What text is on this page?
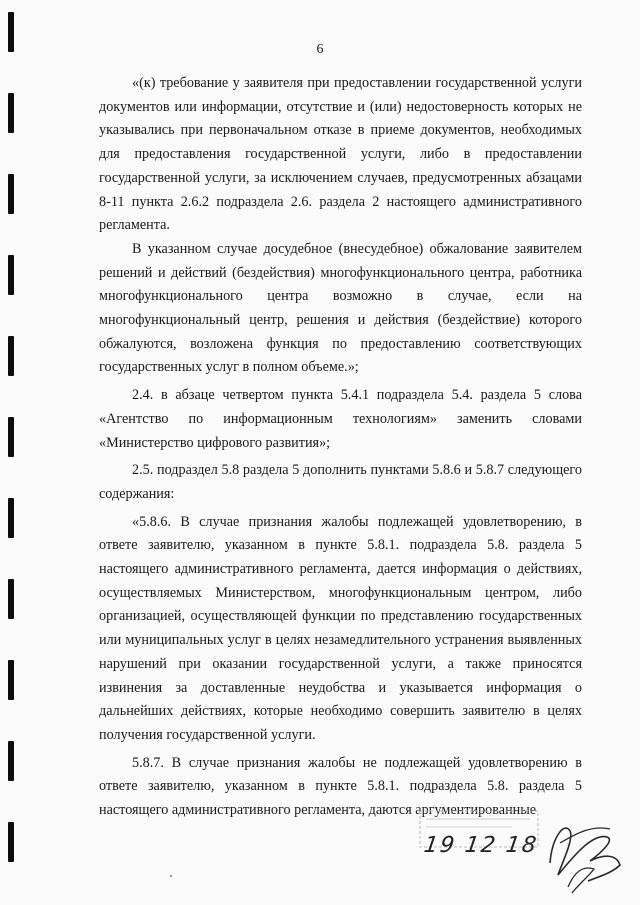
6

«(к) требование у заявителя при предоставлении государственной услуги документов или информации, отсутствие и (или) недостоверность которых не указывались при первоначальном отказе в приеме документов, необходимых для предоставления государственной услуги, либо в предоставлении государственной услуги, за исключением случаев, предусмотренных абзацами 8-11 пункта 2.6.2 подраздела 2.6. раздела 2 настоящего административного регламента.

В указанном случае досудебное (внесудебное) обжалование заявителем решений и действий (бездействия) многофункционального центра, работника многофункционального центра возможно в случае, если на многофункциональный центр, решения и действия (бездействие) которого обжалуются, возложена функция по предоставлению соответствующих государственных услуг в полном объеме.»;

2.4. в абзаце четвертом пункта 5.4.1 подраздела 5.4. раздела 5 слова «Агентство по информационным технологиям» заменить словами «Министерство цифрового развития»;

2.5. подраздел 5.8 раздела 5 дополнить пунктами 5.8.6 и 5.8.7 следующего содержания:

«5.8.6. В случае признания жалобы подлежащей удовлетворению, в ответе заявителю, указанном в пункте 5.8.1. подраздела 5.8. раздела 5 настоящего административного регламента, дается информация о действиях, осуществляемых Министерством, многофункциональным центром, либо организацией, осуществляющей функции по представлению государственных или муниципальных услуг в целях незамедлительного устранения выявленных нарушений при оказании государственной услуги, а также приносятся извинения за доставленные неудобства и указывается информация о дальнейших действиях, которые необходимо совершить заявителю в целях получения государственной услуги.

5.8.7. В случае признания жалобы не подлежащей удовлетворению в ответе заявителю, указанном в пункте 5.8.1. подраздела 5.8. раздела 5 настоящего административного регламента, даются аргументированные

19 12 18
